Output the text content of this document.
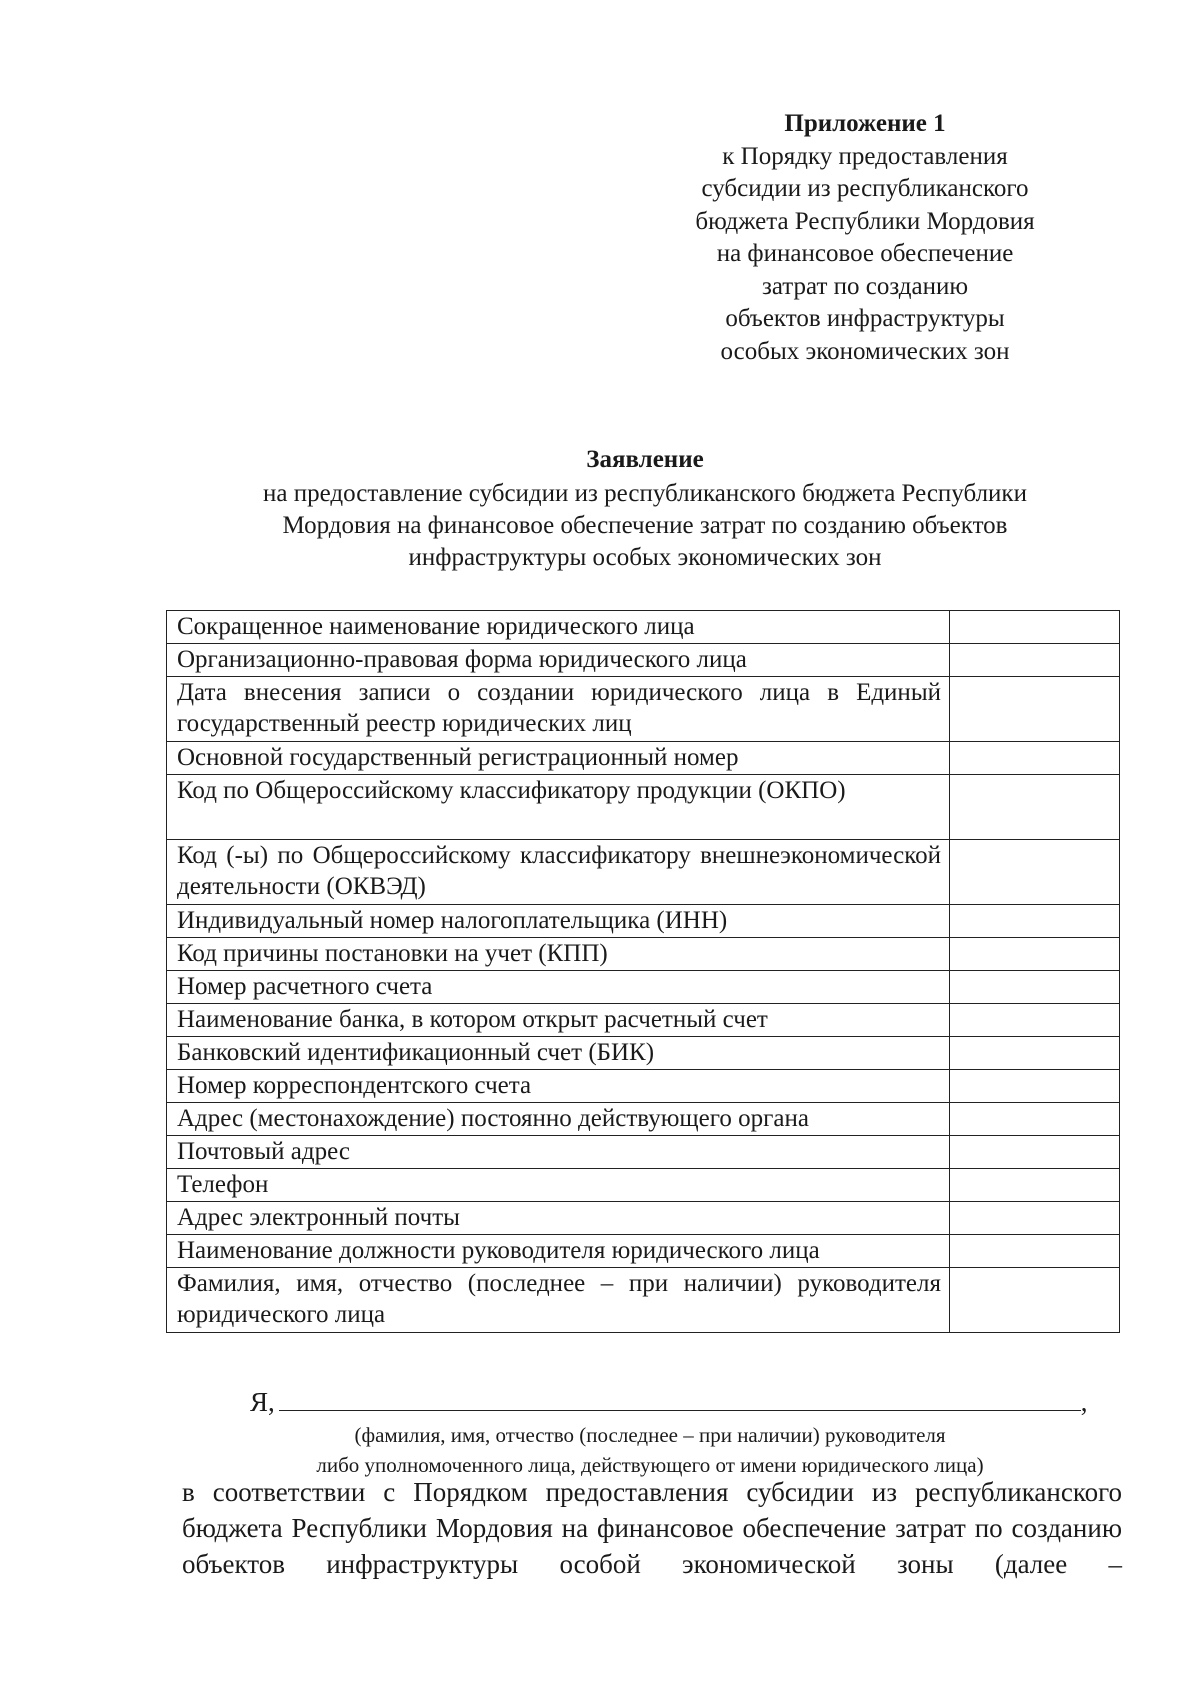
Приложение 1
к Порядку предоставления
субсидии из республиканского
бюджета Республики Мордовия
на финансовое обеспечение
затрат по созданию
объектов инфраструктуры
особых экономических зон
Заявление
на предоставление субсидии из республиканского бюджета Республики
Мордовия на финансовое обеспечение затрат по созданию объектов
инфраструктуры особых экономических зон
Сокращенное наименование юридического лица	
Организационно-правовая форма юридического лица	
Дата внесения записи о создании юридического лица в Единый государственный реестр юридических лиц	
Основной государственный регистрационный номер	
Код по Общероссийскому классификатору продукции (ОКПО)	
Код (-ы) по Общероссийскому классификатору внешнеэкономической деятельности (ОКВЭД)	
Индивидуальный номер налогоплательщика (ИНН)	
Код причины постановки на учет (КПП)	
Номер расчетного счета	
Наименование банка, в котором открыт расчетный счет	
Банковский идентификационный счет (БИК)	
Номер корреспондентского счета	
Адрес (местонахождение) постоянно действующего органа	
Почтовый адрес	
Телефон	
Адрес электронный почты	
Наименование должности руководителя юридического лица	
Фамилия, имя, отчество (последнее – при наличии) руководителя юридического лица	
Я,	,
(фамилия, имя, отчество (последнее – при наличии) руководителя
либо уполномоченного лица, действующего от имени юридического лица)
в соответствии с Порядком предоставления субсидии из республиканского бюджета Республики Мордовия на финансовое обеспечение затрат по созданию объектов инфраструктуры особой экономической зоны (далее –
